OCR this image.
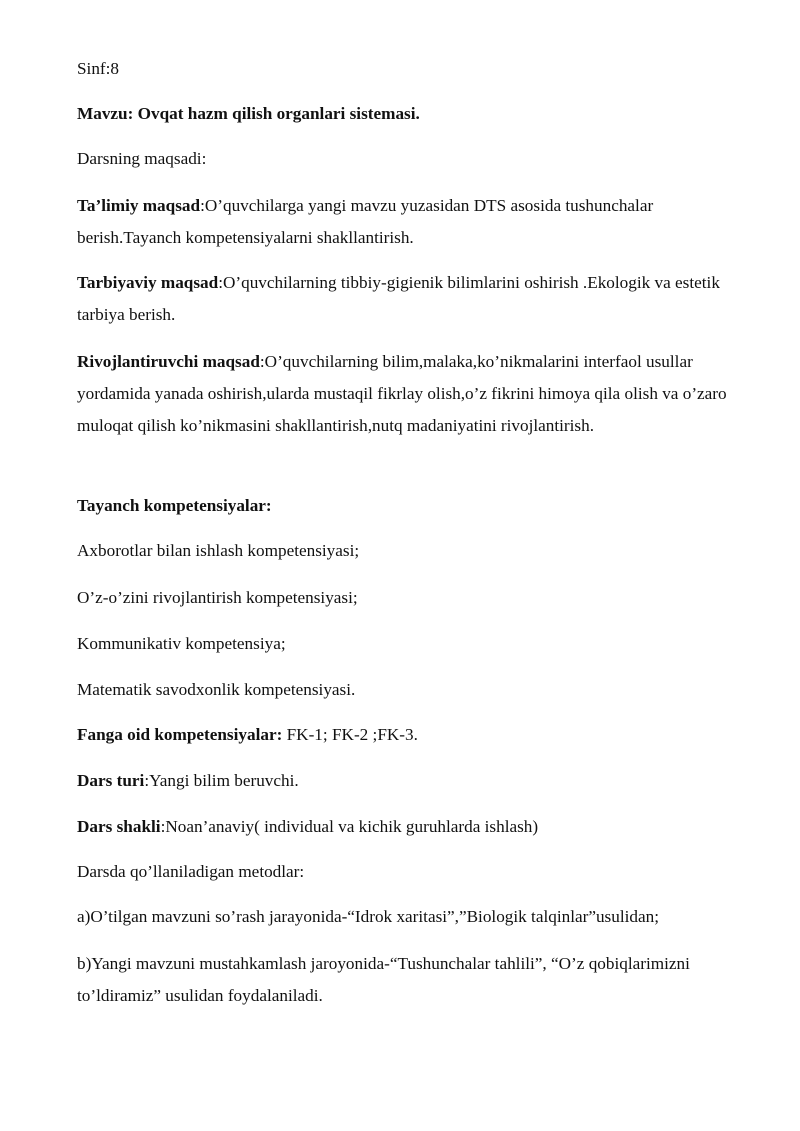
Sinf:8
Mavzu: Ovqat hazm qilish organlari sistemasi.
Darsning maqsadi:
Ta’limiy maqsad:O’quvchilarga yangi mavzu yuzasidan DTS asosida tushunchalar berish.Tayanch kompetensiyalarni shakllantirish.
Tarbiyaviy maqsad:O’quvchilarning tibbiy-gigienik bilimlarini oshirish .Ekologik va estetik tarbiya berish.
Rivojlantiruvchi maqsad:O’quvchilarning bilim,malaka,ko’nikmalarini interfaol usullar yordamida yanada oshirish,ularda mustaqil fikrlay olish,o’z fikrini himoya qila olish va o’zaro muloqat qilish ko’nikmasini shakllantirish,nutq madaniyatini rivojlantirish.
Tayanch kompetensiyalar:
Axborotlar bilan ishlash kompetensiyasi;
O’z-o’zini rivojlantirish kompetensiyasi;
Kommunikativ kompetensiya;
Matematik savodxonlik kompetensiyasi.
Fanga oid kompetensiyalar: FK-1; FK-2 ;FK-3.
Dars turi:Yangi bilim beruvchi.
Dars shakli:Noan’anaviy( individual va kichik guruhlarda ishlash)
Darsda qo’llaniladigan metodlar:
a)O’tilgan mavzuni so’rash jarayonida-“Idrok xaritasi”,”Biologik talqinlar”usulidan;
b)Yangi mavzuni mustahkamlash jaroyonida-“Tushunchalar tahlili”, “O’z qobiqlarimizni to’ldiramiz” usulidan foydalaniladi.
